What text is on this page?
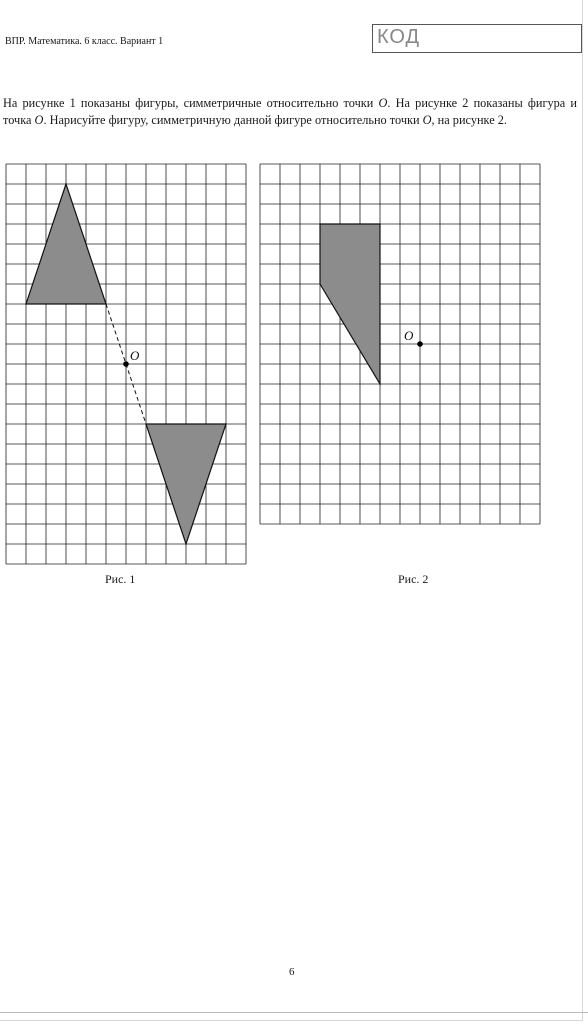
ВПР. Математика. 6 класс. Вариант 1	КОД
На рисунке 1 показаны фигуры, симметричные относительно точки O. На рисунке 2 показаны фигура и точка O. Нарисуйте фигуру, симметричную данной фигуре относительно точки O, на рисунке 2.
O
Рис. 1
O
Рис. 2
6
